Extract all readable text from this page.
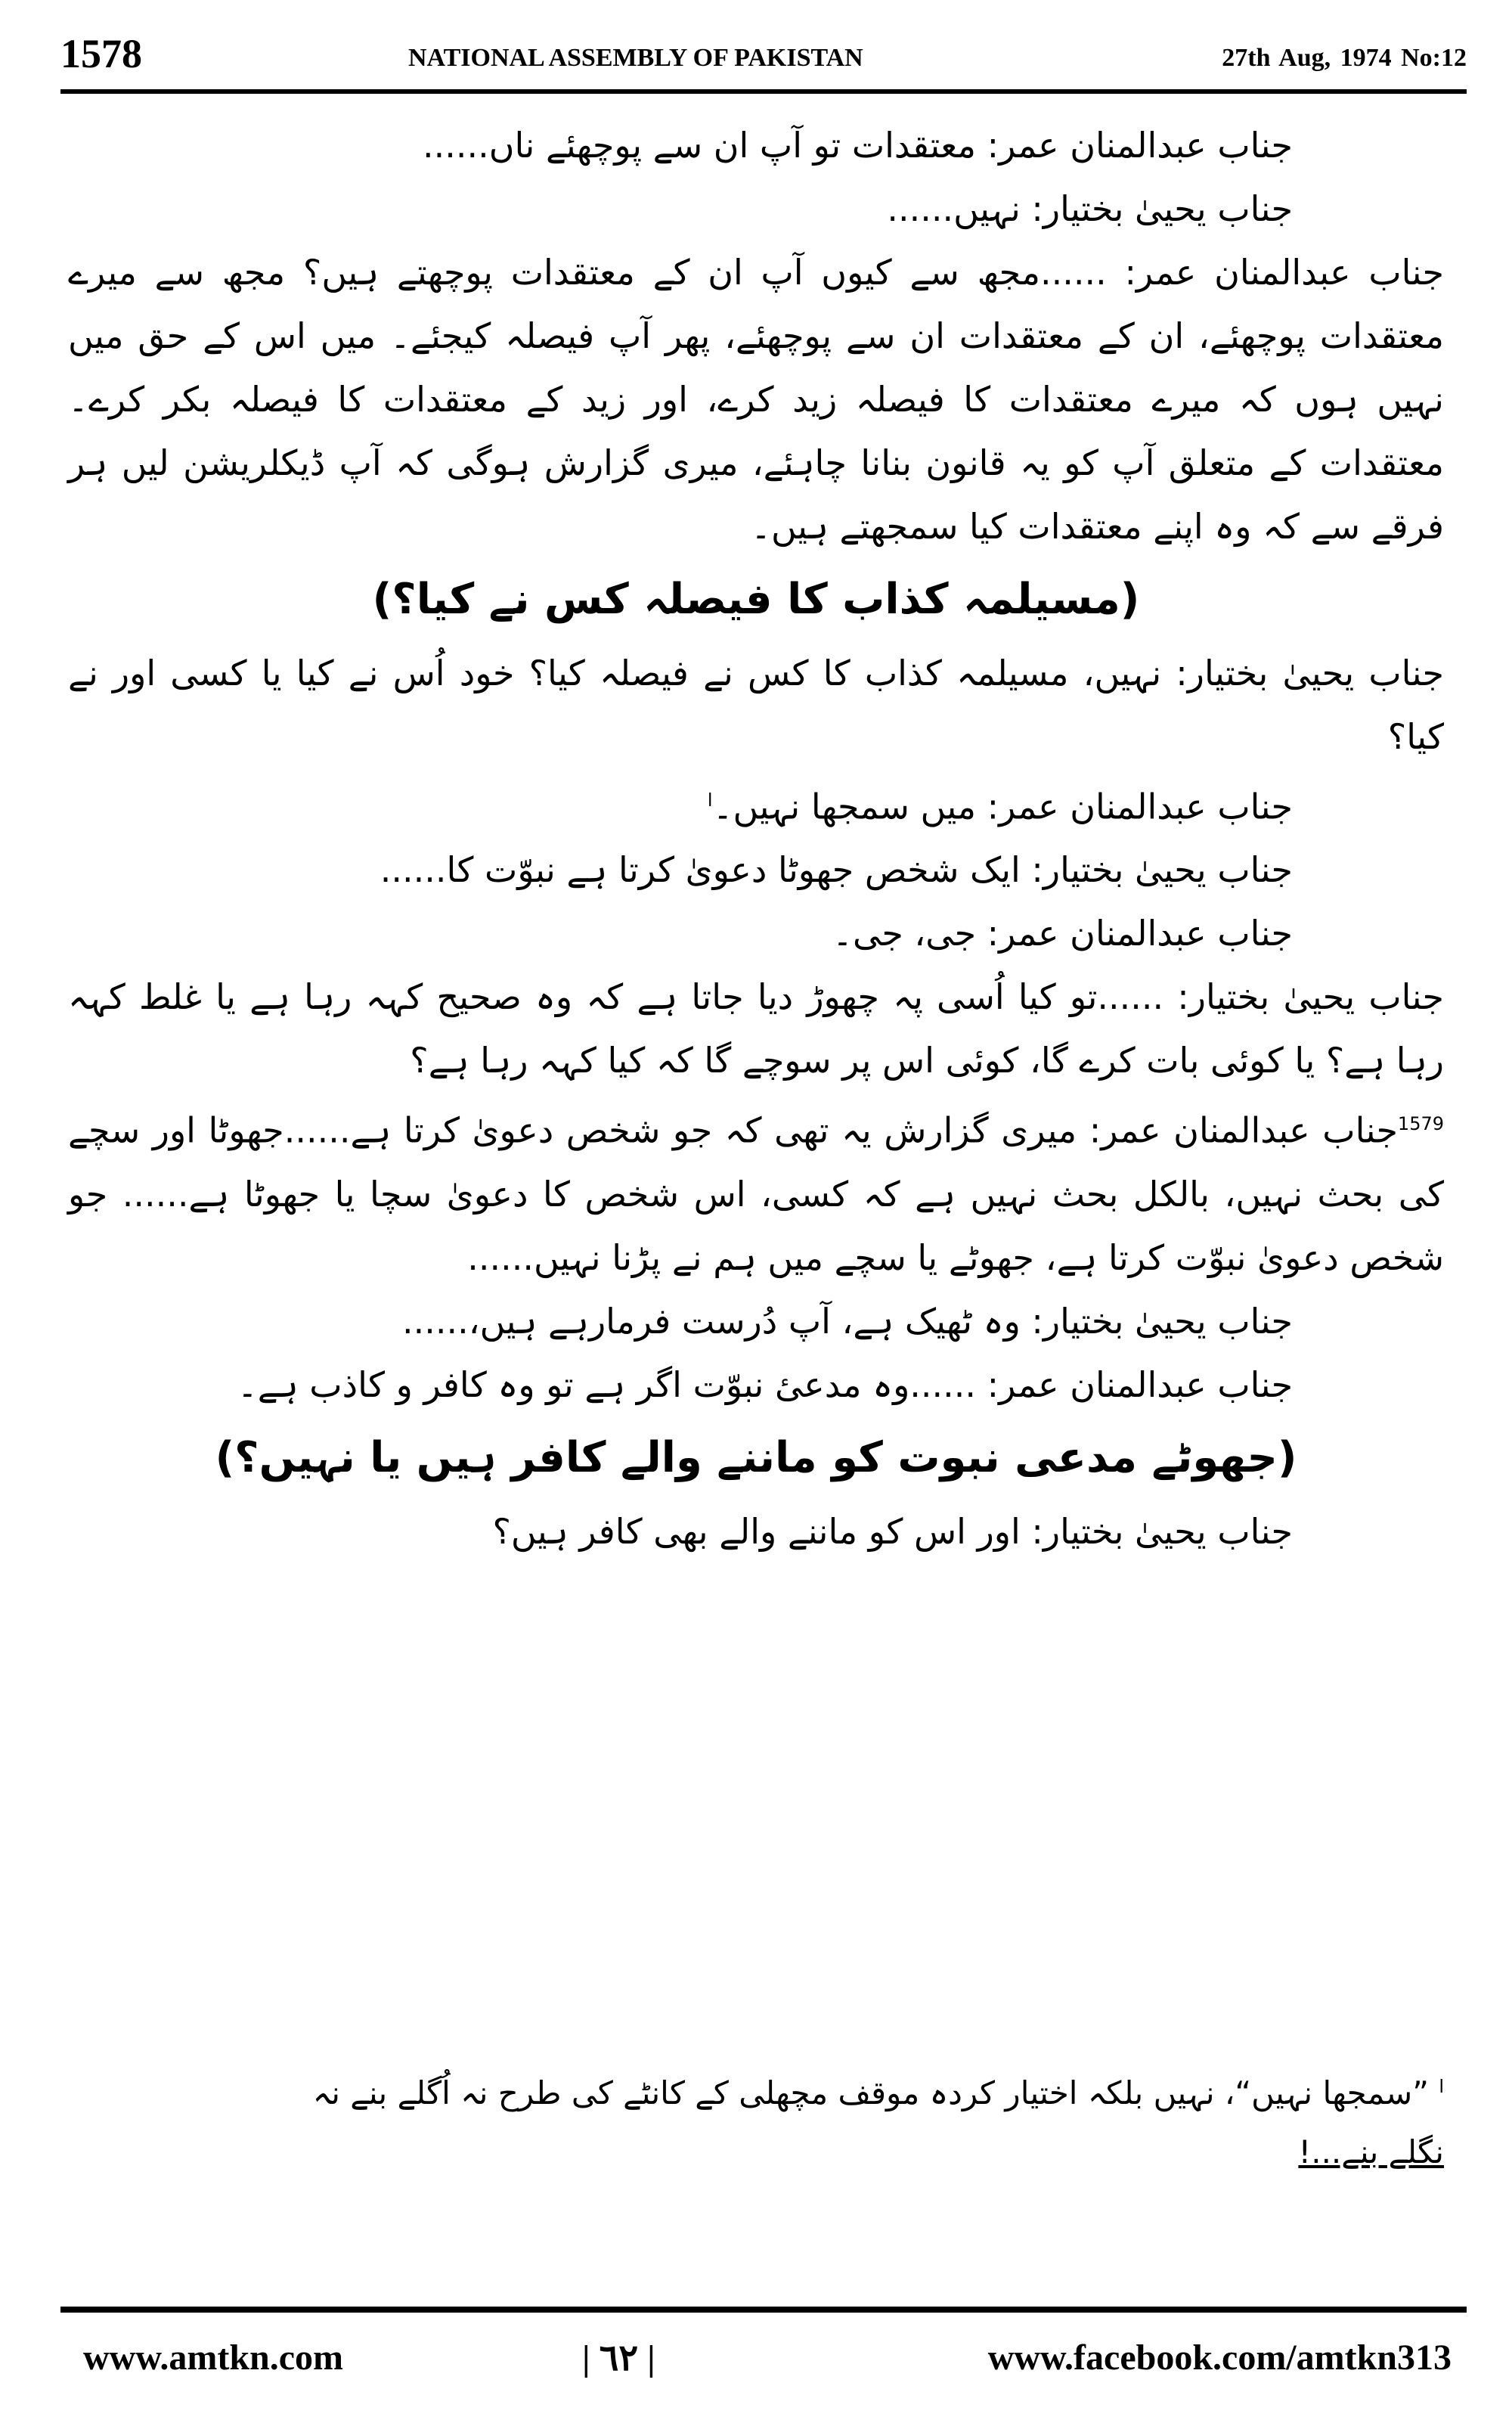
1578	NATIONAL ASSEMBLY OF PAKISTAN	27th Aug, 1974 No:12

جناب عبدالمنان عمر: معتقدات تو آپ ان سے پوچھئے ناں......

جناب یحییٰ بختیار: نہیں......

جناب عبدالمنان عمر: ......مجھ سے کیوں آپ ان کے معتقدات پوچھتے ہیں؟ مجھ سے میرے معتقدات پوچھئے، ان کے معتقدات ان سے پوچھئے، پھر آپ فیصلہ کیجئے۔ میں اس کے حق میں نہیں ہوں کہ میرے معتقدات کا فیصلہ زید کرے، اور زید کے معتقدات کا فیصلہ بکر کرے۔ معتقدات کے متعلق آپ کو یہ قانون بنانا چاہئے، میری گزارش ہوگی کہ آپ ڈیکلریشن لیں ہر فرقے سے کہ وہ اپنے معتقدات کیا سمجھتے ہیں۔

(مسیلمہ کذاب کا فیصلہ کس نے کیا؟)

جناب یحییٰ بختیار: نہیں، مسیلمہ کذاب کا کس نے فیصلہ کیا؟ خود اُس نے کیا یا کسی اور نے کیا؟

جناب عبدالمنان عمر: میں سمجھا نہیں۔$^ا$

جناب یحییٰ بختیار: ایک شخص جھوٹا دعویٰ کرتا ہے نبوّت کا......

جناب عبدالمنان عمر: جی، جی۔

جناب یحییٰ بختیار: ......تو کیا اُسی پہ چھوڑ دیا جاتا ہے کہ وہ صحیح کہہ رہا ہے یا غلط کہہ رہا ہے؟ یا کوئی بات کرے گا، کوئی اس پر سوچے گا کہ کیا کہہ رہا ہے؟

$^{1579}$جناب عبدالمنان عمر: میری گزارش یہ تھی کہ جو شخص دعویٰ کرتا ہے......جھوٹا اور سچے کی بحث نہیں، بالکل بحث نہیں ہے کہ کسی، اس شخص کا دعویٰ سچا یا جھوٹا ہے...... جو شخص دعویٰ نبوّت کرتا ہے، جھوٹے یا سچے میں ہم نے پڑنا نہیں......

جناب یحییٰ بختیار: وہ ٹھیک ہے، آپ دُرست فرمارہے ہیں،......

جناب عبدالمنان عمر: ......وہ مدعیٔ نبوّت اگر ہے تو وہ کافر و کاذب ہے۔

(جھوٹے مدعی نبوت کو ماننے والے کافر ہیں یا نہیں؟)

جناب یحییٰ بختیار: اور اس کو ماننے والے بھی کافر ہیں؟

$^ا$ ”سمجھا نہیں“، نہیں بلکہ اختیار کردہ موقف مچھلی کے کانٹے کی طرح نہ اُگلے بنے نہ
نگلے بنے...!
www.amtkn.com	| ٦٢ |	www.facebook.com/amtkn313
